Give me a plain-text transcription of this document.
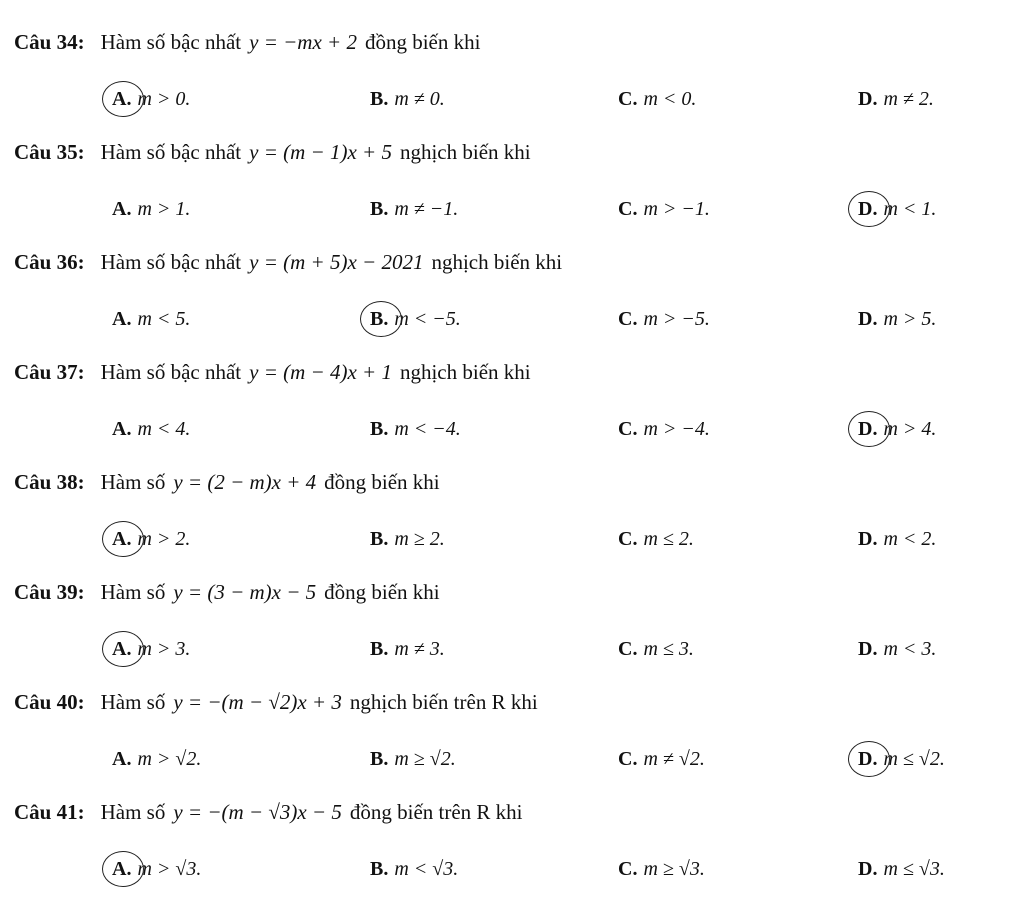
Câu 34: Hàm số bậc nhất y = −mx + 2 đồng biến khi
A. m > 0.	B. m ≠ 0.	C. m < 0.	D. m ≠ 2.
Câu 35: Hàm số bậc nhất y = (m − 1)x + 5 nghịch biến khi
A. m > 1.	B. m ≠ −1.	C. m > −1.	D. m < 1.
Câu 36: Hàm số bậc nhất y = (m + 5)x − 2021 nghịch biến khi
A. m < 5.	B. m < −5.	C. m > −5.	D. m > 5.
Câu 37: Hàm số bậc nhất y = (m − 4)x + 1 nghịch biến khi
A. m < 4.	B. m < −4.	C. m > −4.	D. m > 4.
Câu 38: Hàm số y = (2 − m)x + 4 đồng biến khi
A. m > 2.	B. m ≥ 2.	C. m ≤ 2.	D. m < 2.
Câu 39: Hàm số y = (3 − m)x − 5 đồng biến khi
A. m > 3.	B. m ≠ 3.	C. m ≤ 3.	D. m < 3.
Câu 40: Hàm số y = −(m − √2)x + 3 nghịch biến trên R khi
A. m > √2.	B. m ≥ √2.	C. m ≠ √2.	D. m ≤ √2.
Câu 41: Hàm số y = −(m − √3)x − 5 đồng biến trên R khi
A. m > √3.	B. m < √3.	C. m ≥ √3.	D. m ≤ √3.
